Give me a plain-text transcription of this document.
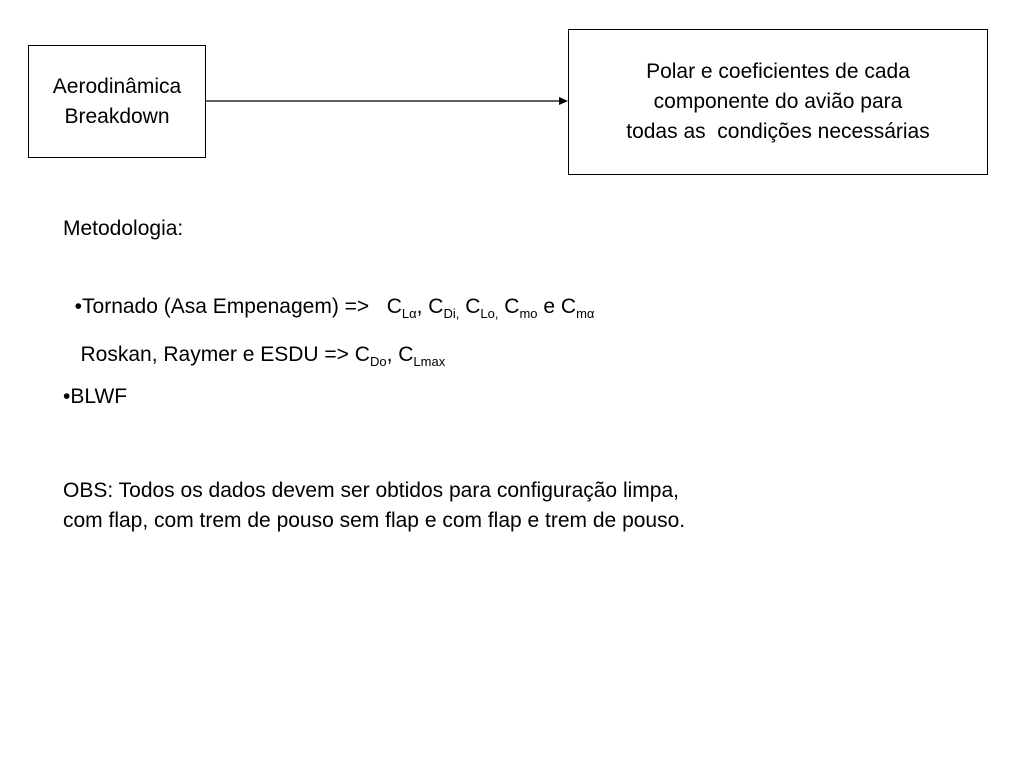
Aerodinâmica
Breakdown
Polar e coeficientes de cada
componente do avião para
todas as  condições necessárias
Metodologia:

•Tornado (Asa Empenagem) =>   $C_{L\alpha}$, $C_{Di,}$ $C_{Lo,}$ $C_{mo}$ e $C_{m\alpha}$

Roskan, Raymer e ESDU => $C_{Do}$, $C_{Lmax}$

•BLWF
OBS: Todos os dados devem ser obtidos para configuração limpa,
com flap, com trem de pouso sem flap e com flap e trem de pouso.
